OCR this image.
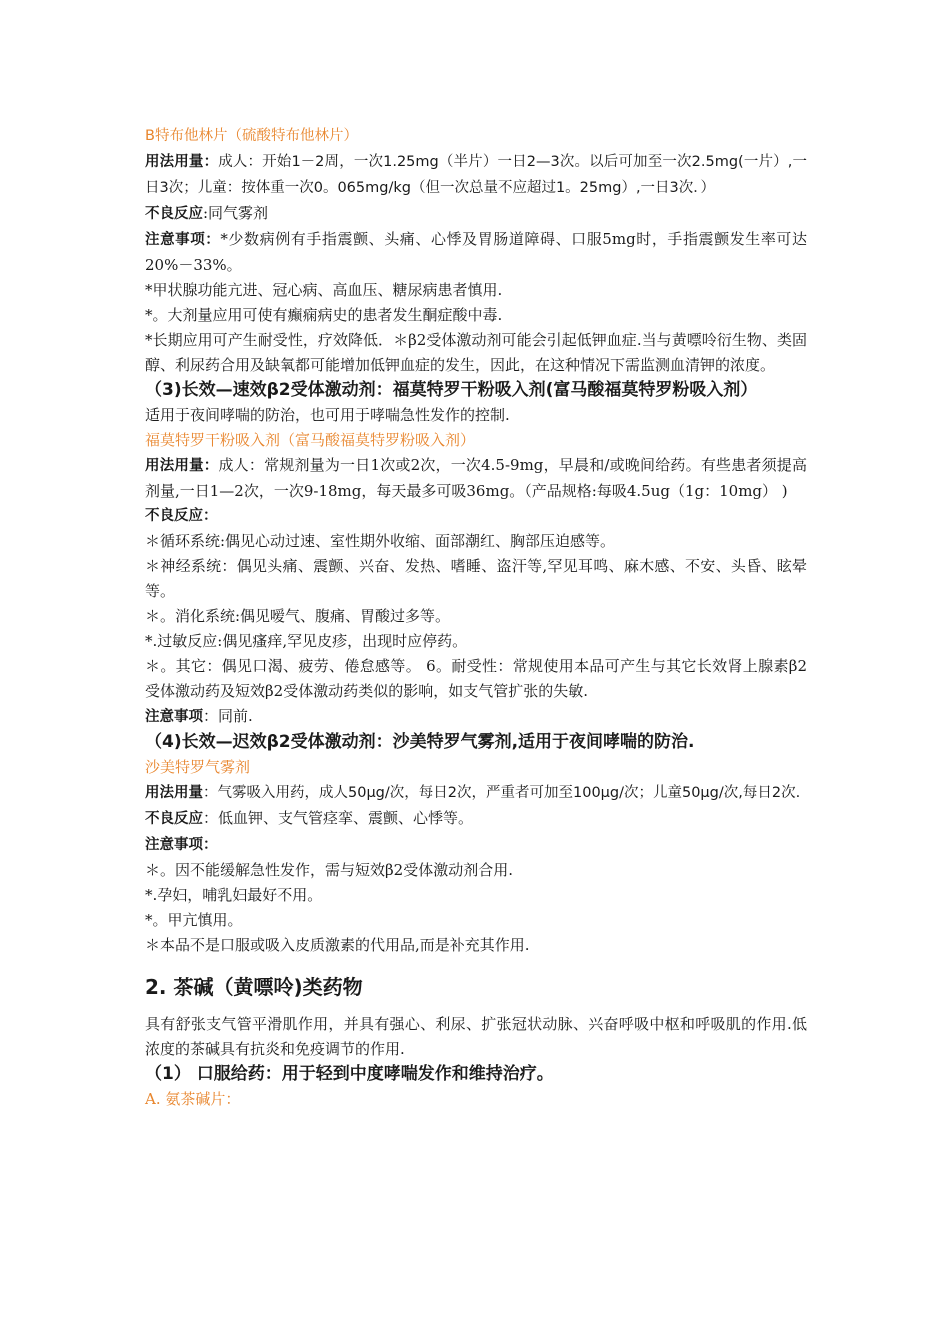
B特布他林片（硫酸特布他林片）
用法用量：成人：开始1－2周，一次1.25mg（半片）一日2—3次。以后可加至一次2.5mg(一片）,一日3次；儿童：按体重一次0。065mg/kg（但一次总量不应超过1。25mg）,一日3次．）
不良反应:同气雾剂
注意事项：*少数病例有手指震颤、头痛、心悸及胃肠道障碍、口服5mg时，手指震颤发生率可达20%－33%。
*甲状腺功能亢进、冠心病、高血压、糖尿病患者慎用.
*。大剂量应用可使有癫痫病史的患者发生酮症酸中毒.
*长期应用可产生耐受性，疗效降低．＊β2受体激动剂可能会引起低钾血症.当与黄嘌呤衍生物、类固醇、利尿药合用及缺氧都可能增加低钾血症的发生，因此，在这种情况下需监测血清钾的浓度。
（3)长效—速效β2受体激动剂：福莫特罗干粉吸入剂(富马酸福莫特罗粉吸入剂）
适用于夜间哮喘的防治，也可用于哮喘急性发作的控制.
福莫特罗干粉吸入剂（富马酸福莫特罗粉吸入剂）
用法用量：成人：常规剂量为一日1次或2次，一次4.5-9mg，早晨和/或晚间给药。有些患者须提高剂量,一日1—2次，一次9-18mg，每天最多可吸36mg。（产品规格:每吸4.5ug（1g：10mg） )
不良反应：
＊循环系统:偶见心动过速、室性期外收缩、面部潮红、胸部压迫感等。
＊神经系统：偶见头痛、震颤、兴奋、发热、嗜睡、盗汗等,罕见耳鸣、麻木感、不安、头昏、眩晕等。
＊。消化系统:偶见嗳气、腹痛、胃酸过多等。
*.过敏反应:偶见瘙痒,罕见皮疹，出现时应停药。
＊。其它：偶见口渴、疲劳、倦怠感等。 6。耐受性：常规使用本品可产生与其它长效肾上腺素β2受体激动药及短效β2受体激动药类似的影响，如支气管扩张的失敏.
注意事项：同前.
（4)长效—迟效β2受体激动剂：沙美特罗气雾剂,适用于夜间哮喘的防治.
沙美特罗气雾剂
用法用量：气雾吸入用药，成人50μg/次，每日2次，严重者可加至100μg/次；儿童50μg/次,每日2次.
不良反应：低血钾、支气管痉挛、震颤、心悸等。
注意事项：
＊。因不能缓解急性发作，需与短效β2受体激动剂合用.
*.孕妇，哺乳妇最好不用。
*。甲亢慎用。
＊本品不是口服或吸入皮质激素的代用品,而是补充其作用.
2. 茶碱（黄嘌呤)类药物
具有舒张支气管平滑肌作用，并具有强心、利尿、扩张冠状动脉、兴奋呼吸中枢和呼吸肌的作用.低浓度的茶碱具有抗炎和免疫调节的作用.
（1） 口服给药：用于轻到中度哮喘发作和维持治疗。
A. 氨茶碱片：
